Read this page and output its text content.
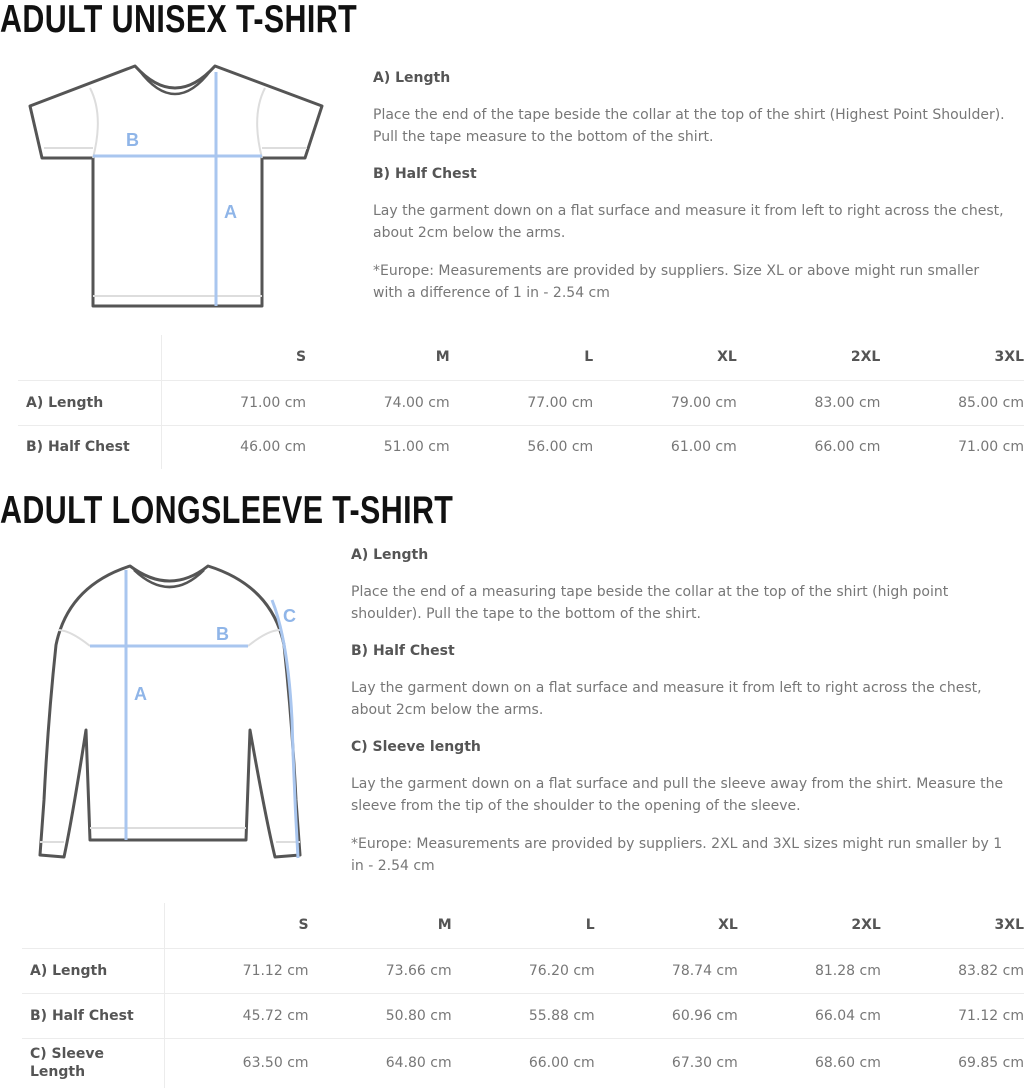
ADULT UNISEX T-SHIRT
B
A
A) Length

Place the end of the tape beside the collar at the top of the shirt (Highest Point Shoulder). Pull the tape measure to the bottom of the shirt.

B) Half Chest

Lay the garment down on a flat surface and measure it from left to right across the chest, about 2cm below the arms.

*Europe: Measurements are provided by suppliers. Size XL or above might run smaller with a difference of 1 in - 2.54 cm

	S	M	L	XL	2XL	3XL
A) Length	71.00 cm	74.00 cm	77.00 cm	79.00 cm	83.00 cm	85.00 cm
B) Half Chest	46.00 cm	51.00 cm	56.00 cm	61.00 cm	66.00 cm	71.00 cm
ADULT LONGSLEEVE T-SHIRT
B
A
C
A) Length

Place the end of a measuring tape beside the collar at the top of the shirt (high point shoulder). Pull the tape to the bottom of the shirt.

B) Half Chest

Lay the garment down on a flat surface and measure it from left to right across the chest, about 2cm below the arms.

C) Sleeve length

Lay the garment down on a flat surface and pull the sleeve away from the shirt. Measure the sleeve from the tip of the shoulder to the opening of the sleeve.

*Europe: Measurements are provided by suppliers. 2XL and 3XL sizes might run smaller by 1 in - 2.54 cm

	S	M	L	XL	2XL	3XL
A) Length	71.12 cm	73.66 cm	76.20 cm	78.74 cm	81.28 cm	83.82 cm
B) Half Chest	45.72 cm	50.80 cm	55.88 cm	60.96 cm	66.04 cm	71.12 cm
C) Sleeve Length	63.50 cm	64.80 cm	66.00 cm	67.30 cm	68.60 cm	69.85 cm
